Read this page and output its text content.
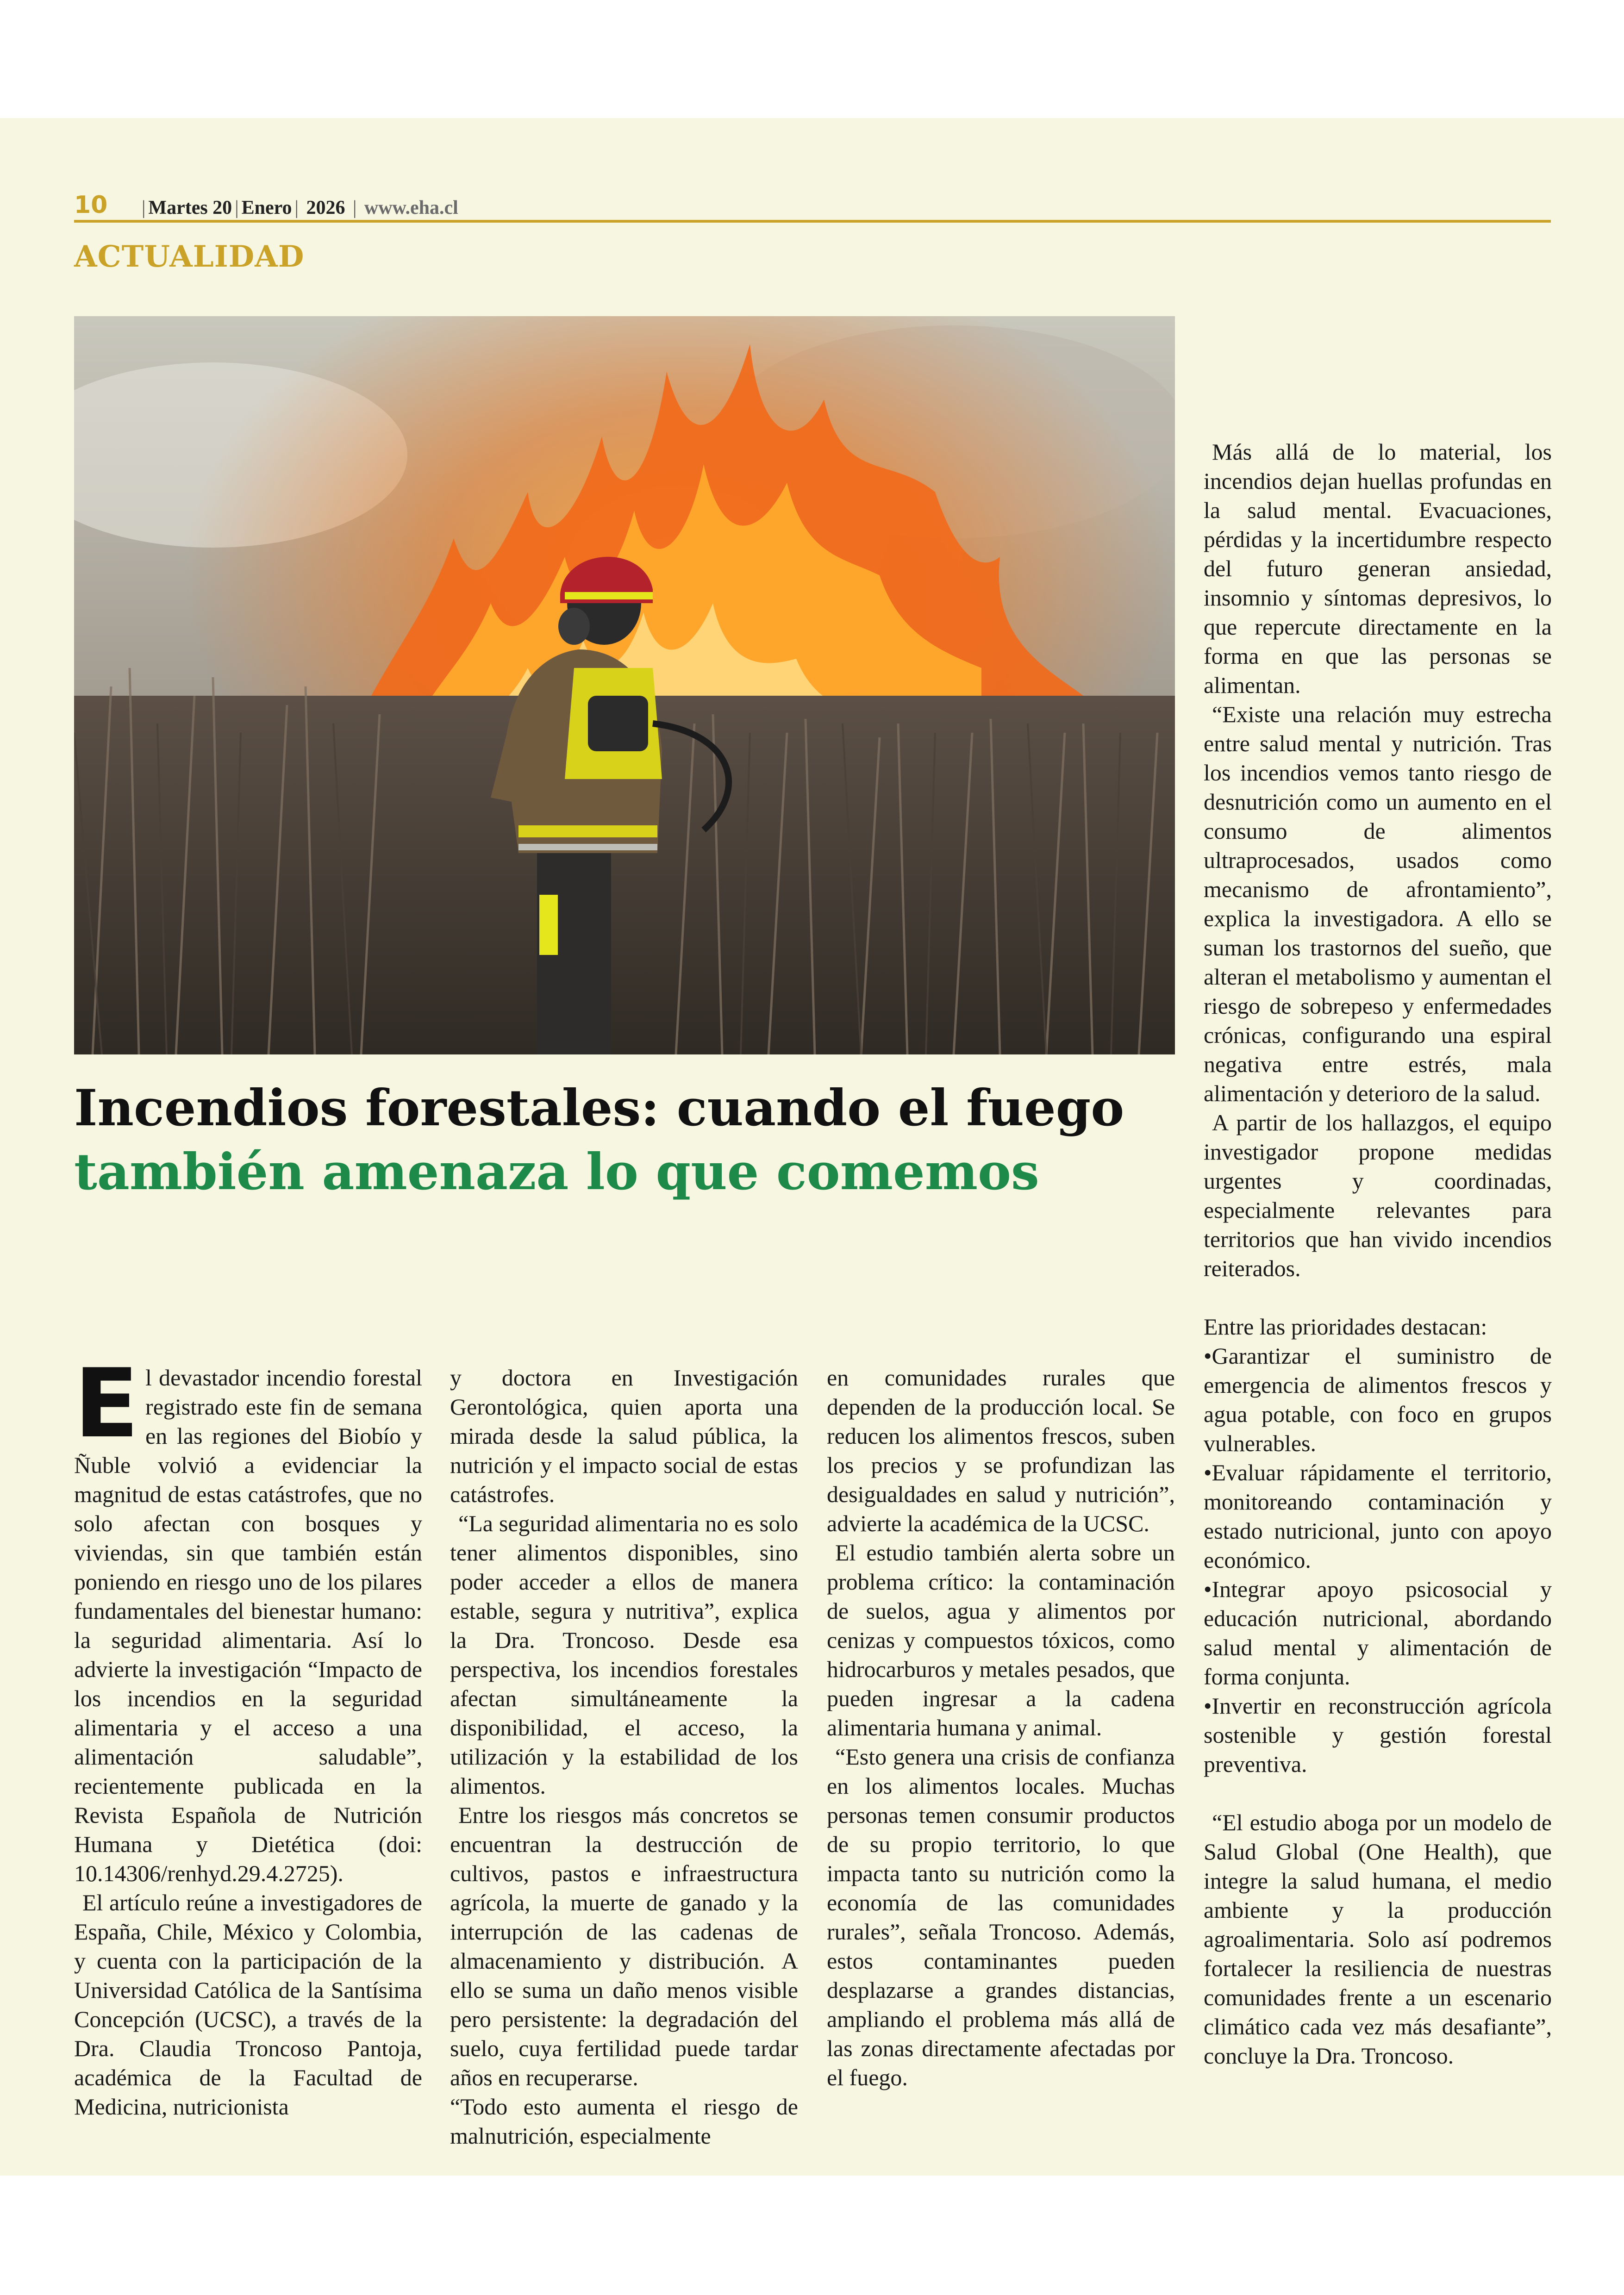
10 | Martes 20 | Enero | 2026 | www.eha.cl
ACTUALIDAD
Incendios forestales: cuando el fuego
también amenaza lo que comemos

El devastador incendio forestal registrado este fin de semana en las regiones del Biobío y Ñuble volvió a evidenciar la magnitud de estas catástrofes, que no solo afectan con bosques y viviendas, sin que también están poniendo en riesgo uno de los pilares fundamentales del bienestar humano: la seguridad alimentaria. Así lo advierte la investigación “Impacto de los incendios en la seguridad alimentaria y el acceso a una alimentación saludable”, recientemente publicada en la Revista Española de Nutrición Humana y Dietética (doi: 10.14306/renhyd.29.4.2725).

El artículo reúne a investigadores de España, Chile, México y Colombia, y cuenta con la participación de la Universidad Católica de la Santísima Concepción (UCSC), a través de la Dra. Claudia Troncoso Pantoja, académica de la Facultad de Medicina, nutricionista

y doctora en Investigación Gerontológica, quien aporta una mirada desde la salud pública, la nutrición y el impacto social de estas catástrofes.

“La seguridad alimentaria no es solo tener alimentos disponibles, sino poder acceder a ellos de manera estable, segura y nutritiva”, explica la Dra. Troncoso. Desde esa perspectiva, los incendios forestales afectan simultáneamente la disponibilidad, el acceso, la utilización y la estabilidad de los alimentos.

Entre los riesgos más concretos se encuentran la destrucción de cultivos, pastos e infraestructura agrícola, la muerte de ganado y la interrupción de las cadenas de almacenamiento y distribución. A ello se suma un daño menos visible pero persistente: la degradación del suelo, cuya fertilidad puede tardar años en recuperarse.

“Todo esto aumenta el riesgo de malnutrición, especialmente

en comunidades rurales que dependen de la producción local. Se reducen los alimentos frescos, suben los precios y se profundizan las desigualdades en salud y nutrición”, advierte la académica de la UCSC.

El estudio también alerta sobre un problema crítico: la contaminación de suelos, agua y alimentos por cenizas y compuestos tóxicos, como hidrocarburos y metales pesados, que pueden ingresar a la cadena alimentaria humana y animal.

“Esto genera una crisis de confianza en los alimentos locales. Muchas personas temen consumir productos de su propio territorio, lo que impacta tanto su nutrición como la economía de las comunidades rurales”, señala Troncoso. Además, estos contaminantes pueden desplazarse a grandes distancias, ampliando el problema más allá de las zonas directamente afectadas por el fuego.

Más allá de lo material, los incendios dejan huellas profundas en la salud mental. Evacuaciones, pérdidas y la incertidumbre respecto del futuro generan ansiedad, insomnio y síntomas depresivos, lo que repercute directamente en la forma en que las personas se alimentan.

“Existe una relación muy estrecha entre salud mental y nutrición. Tras los incendios vemos tanto riesgo de desnutrición como un aumento en el consumo de alimentos ultraprocesados, usados como mecanismo de afrontamiento”, explica la investigadora. A ello se suman los trastornos del sueño, que alteran el metabolismo y aumentan el riesgo de sobrepeso y enfermedades crónicas, configurando una espiral negativa entre estrés, mala alimentación y deterioro de la salud.

A partir de los hallazgos, el equipo investigador propone medidas urgentes y coordinadas, especialmente relevantes para territorios que han vivido incendios reiterados.

Entre las prioridades destacan:

•Garantizar el suministro de emergencia de alimentos frescos y agua potable, con foco en grupos vulnerables.

•Evaluar rápidamente el territorio, monitoreando contaminación y estado nutricional, junto con apoyo económico.

•Integrar apoyo psicosocial y educación nutricional, abordando salud mental y alimentación de forma conjunta.

•Invertir en reconstrucción agrícola sostenible y gestión forestal preventiva.

“El estudio aboga por un modelo de Salud Global (One Health), que integre la salud humana, el medio ambiente y la producción agroalimentaria. Solo así podremos fortalecer la resiliencia de nuestras comunidades frente a un escenario climático cada vez más desafiante”, concluye la Dra. Troncoso.
